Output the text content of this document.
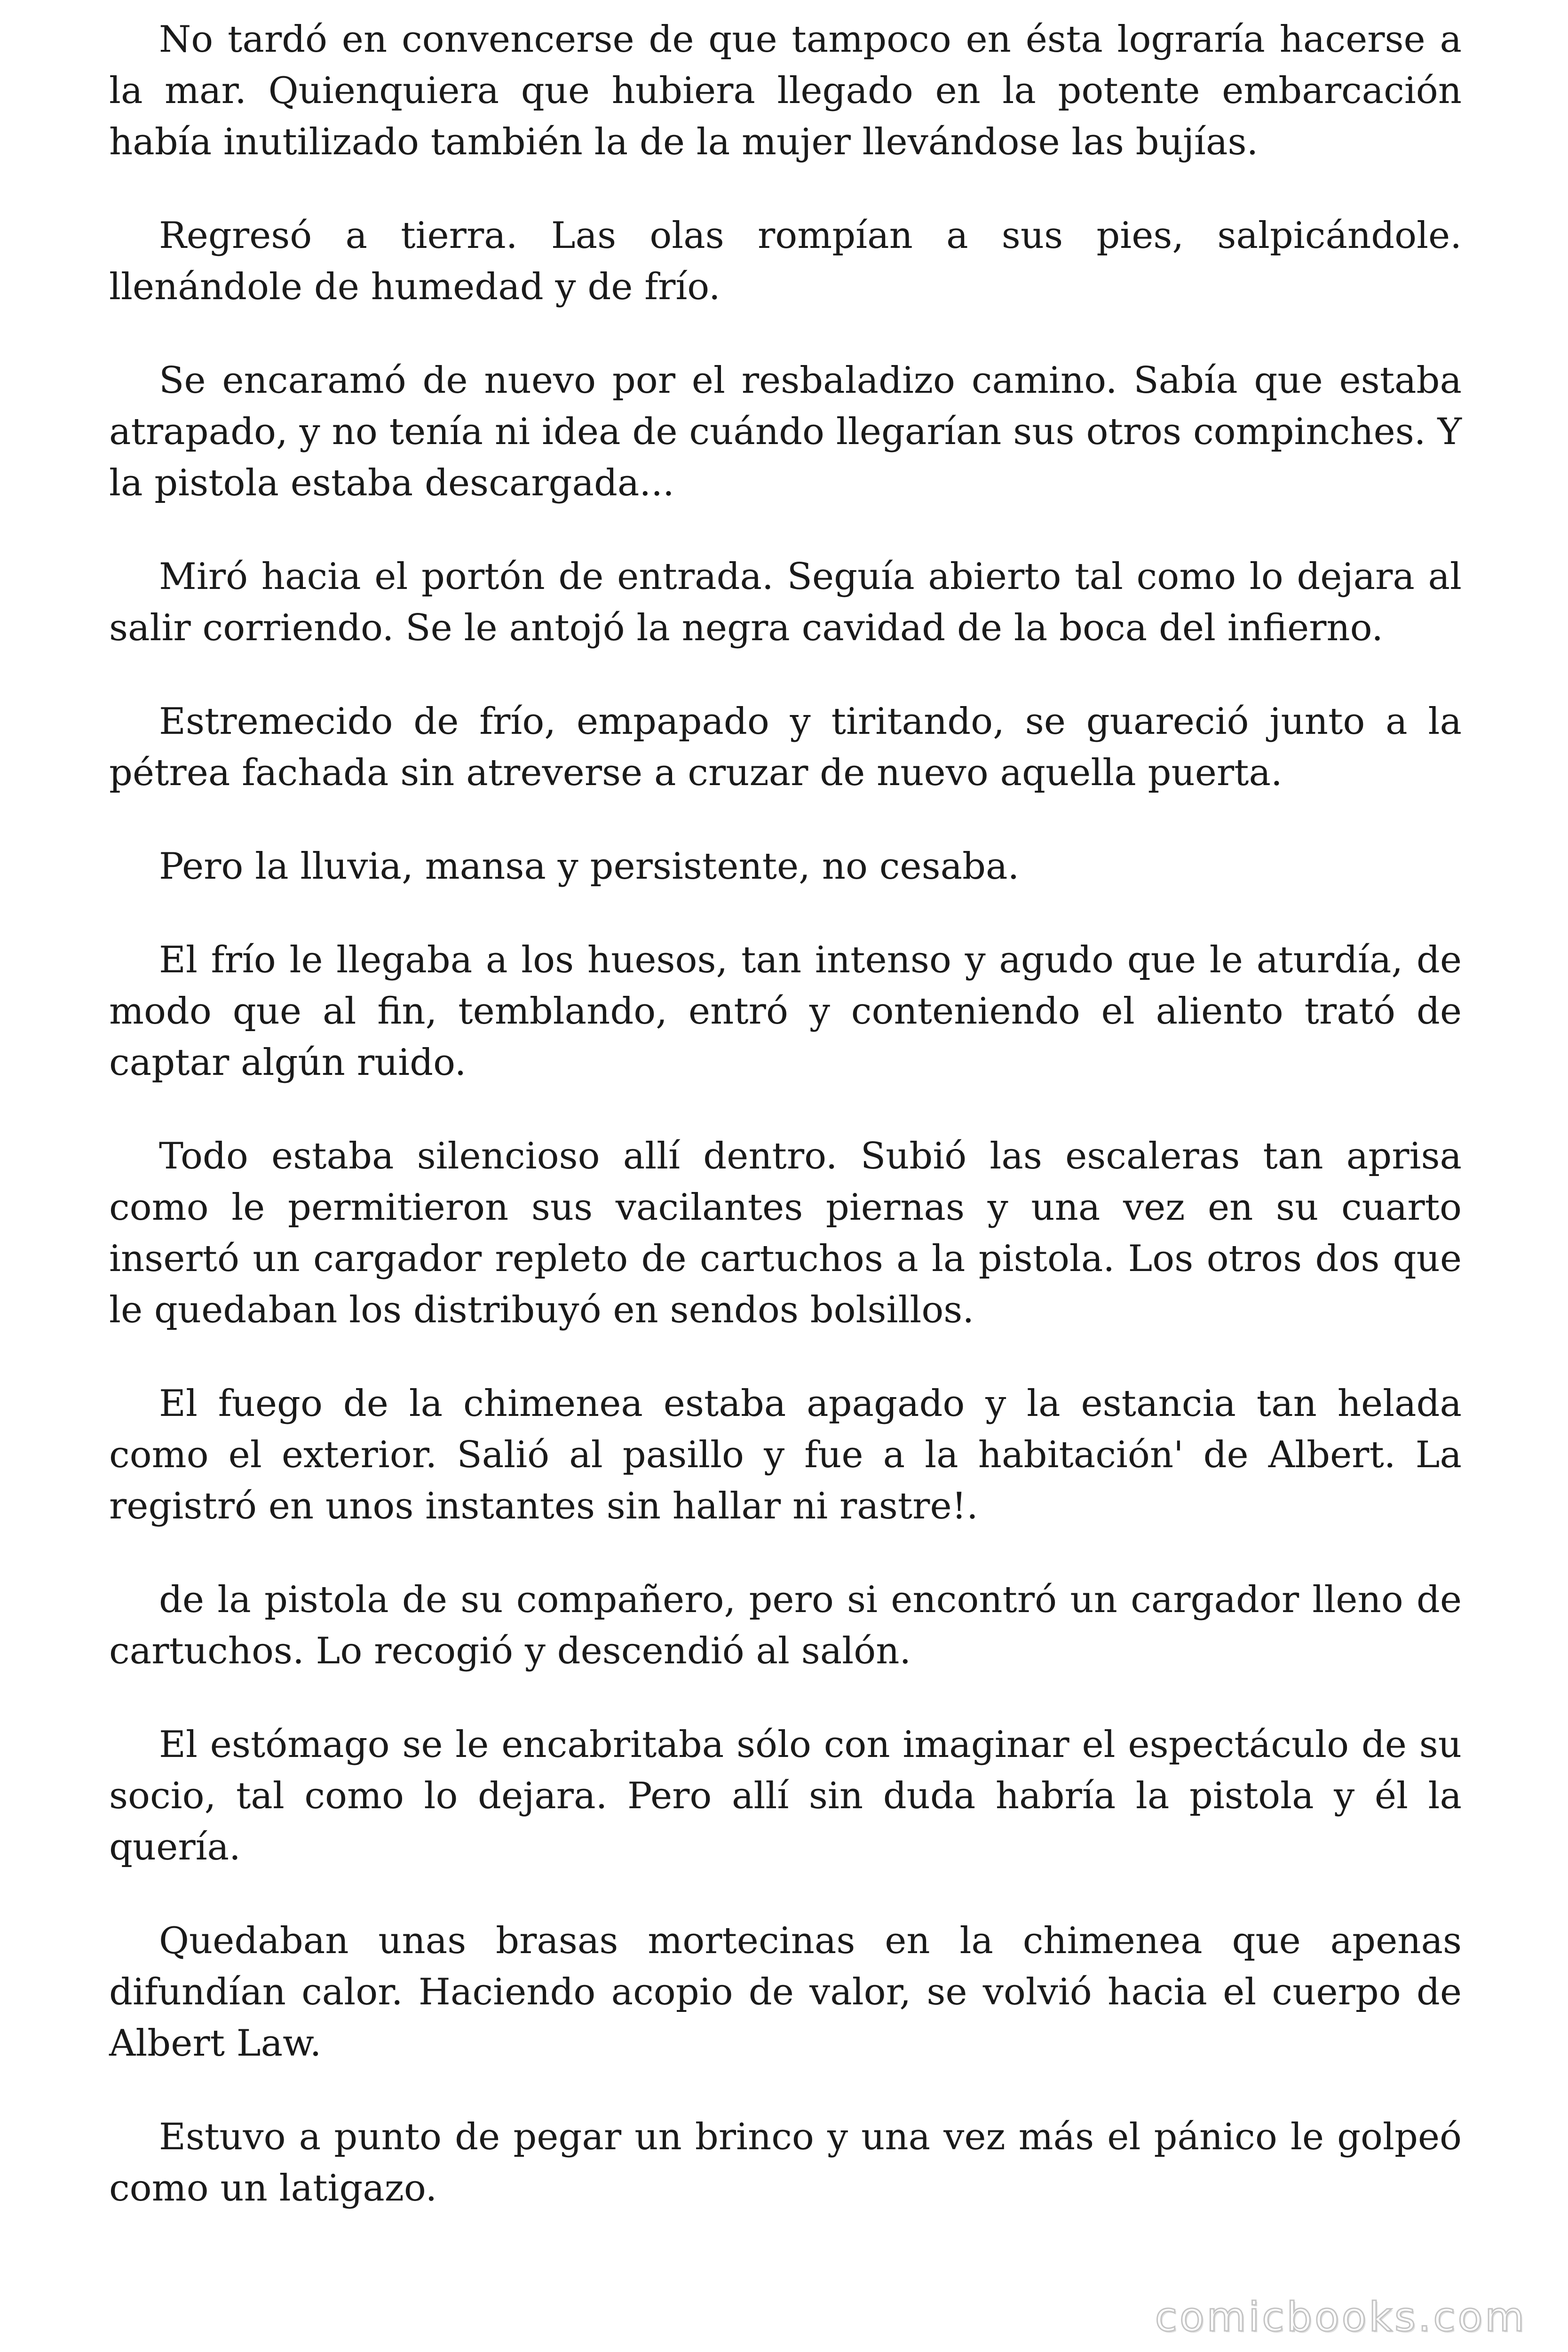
No tardó en convencerse de que tampoco en ésta lograría hacerse a la mar. Quienquiera que hubiera llegado en la potente embarcación había inutilizado también la de la mujer llevándose las bujías.

Regresó a tierra. Las olas rompían a sus pies, salpicándole. llenándole de humedad y de frío.

Se encaramó de nuevo por el resbaladizo camino. Sabía que estaba atrapado, y no tenía ni idea de cuándo llegarían sus otros compinches. Y la pistola estaba descargada...

Miró hacia el portón de entrada. Seguía abierto tal como lo dejara al salir corriendo. Se le antojó la negra cavidad de la boca del infierno.

Estremecido de frío, empapado y tiritando, se guareció junto a la pétrea fachada sin atreverse a cruzar de nuevo aquella puerta.

Pero la lluvia, mansa y persistente, no cesaba.

El frío le llegaba a los huesos, tan intenso y agudo que le aturdía, de modo que al fin, temblando, entró y conteniendo el aliento trató de captar algún ruido.

Todo estaba silencioso allí dentro. Subió las escaleras tan aprisa como le permitieron sus vacilantes piernas y una vez en su cuarto insertó un cargador repleto de cartuchos a la pistola. Los otros dos que le quedaban los distribuyó en sendos bolsillos.

El fuego de la chimenea estaba apagado y la estancia tan helada como el exterior. Salió al pasillo y fue a la habitación' de Albert. La registró en unos instantes sin hallar ni rastre!.

de la pistola de su compañero, pero si encontró un cargador lleno de cartuchos. Lo recogió y descendió al salón.

El estómago se le encabritaba sólo con imaginar el espectáculo de su socio, tal como lo dejara. Pero allí sin duda habría la pistola y él la quería.

Quedaban unas brasas mortecinas en la chimenea que apenas difundían calor. Haciendo acopio de valor, se volvió hacia el cuerpo de Albert Law.

Estuvo a punto de pegar un brinco y una vez más el pánico le golpeó como un latigazo.

comicbooks.com
